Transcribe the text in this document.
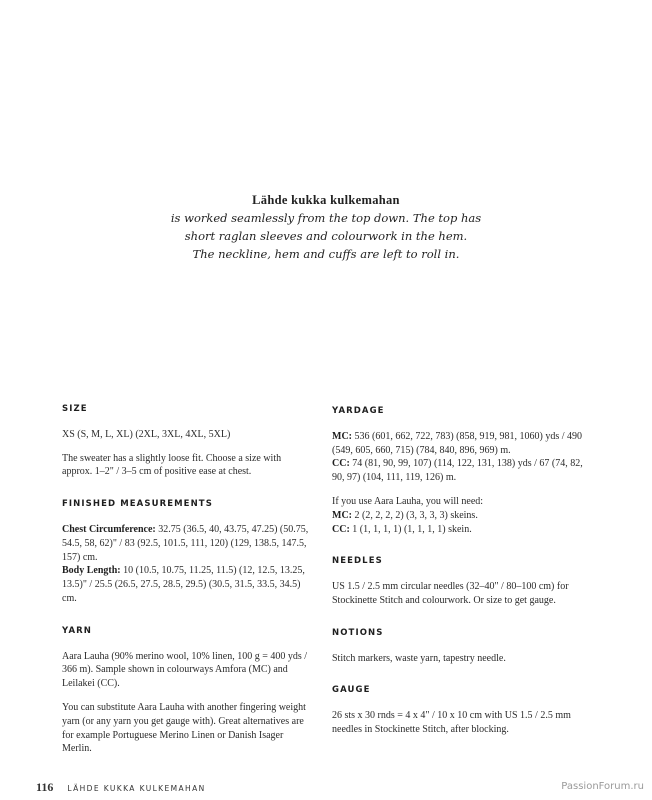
Lähde kukka kulkemahan
is worked seamlessly from the top down. The top has
short raglan sleeves and colourwork in the hem.
The neckline, hem and cuffs are left to roll in.
SIZE

XS (S, M, L, XL) (2XL, 3XL, 4XL, 5XL)

The sweater has a slightly loose fit. Choose a size with approx. 1–2" / 3–5 cm of positive ease at chest.

FINISHED MEASUREMENTS

Chest Circumference: 32.75 (36.5, 40, 43.75, 47.25) (50.75, 54.5, 58, 62)" / 83 (92.5, 101.5, 111, 120) (129, 138.5, 147.5, 157) cm.
Body Length: 10 (10.5, 10.75, 11.25, 11.5) (12, 12.5, 13.25, 13.5)" / 25.5 (26.5, 27.5, 28.5, 29.5) (30.5, 31.5, 33.5, 34.5) cm.

YARN

Aara Lauha (90% merino wool, 10% linen, 100 g = 400 yds / 366 m). Sample shown in colourways Amfora (MC) and Leilakei (CC).

You can substitute Aara Lauha with another fingering weight yarn (or any yarn you get gauge with). Great alternatives are for example Portuguese Merino Linen or Danish Isager Merlin.

YARDAGE

MC: 536 (601, 662, 722, 783) (858, 919, 981, 1060) yds / 490 (549, 605, 660, 715) (784, 840, 896, 969) m.
CC: 74 (81, 90, 99, 107) (114, 122, 131, 138) yds / 67 (74, 82, 90, 97) (104, 111, 119, 126) m.

If you use Aara Lauha, you will need:
MC: 2 (2, 2, 2, 2) (3, 3, 3, 3) skeins.
CC: 1 (1, 1, 1, 1) (1, 1, 1, 1) skein.

NEEDLES

US 1.5 / 2.5 mm circular needles (32–40" / 80–100 cm) for Stockinette Stitch and colourwork. Or size to get gauge.

NOTIONS

Stitch markers, waste yarn, tapestry needle.

GAUGE

26 sts x 30 rnds = 4 x 4" / 10 x 10 cm with US 1.5 / 2.5 mm needles in Stockinette Stitch, after blocking.

116 LÄHDE KUKKA KULKEMAHAN	PassionForum.ru
